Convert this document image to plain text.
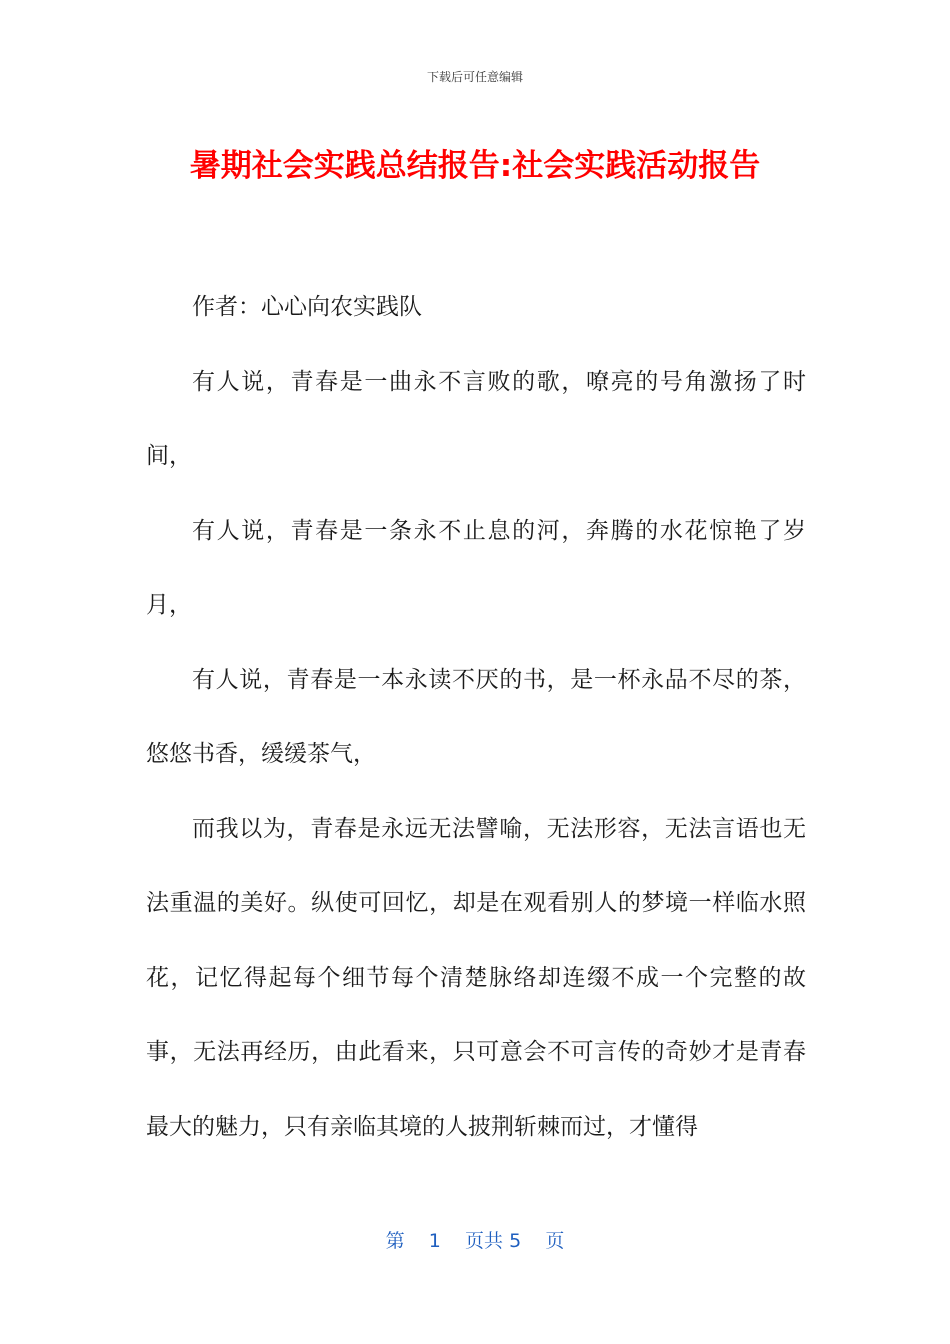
下载后可任意编辑
暑期社会实践总结报告:社会实践活动报告

作者：心心向农实践队

有人说，青春是一曲永不言败的歌，嘹亮的号角激扬了时间，

有人说，青春是一条永不止息的河，奔腾的水花惊艳了岁月，

有人说，青春是一本永读不厌的书，是一杯永品不尽的茶，悠悠书香，缓缓茶气，

而我以为，青春是永远无法譬喻，无法形容，无法言语也无法重温的美好。纵使可回忆，却是在观看别人的梦境一样临水照花，记忆得起每个细节每个清楚脉络却连缀不成一个完整的故事，无法再经历，由此看来，只可意会不可言传的奇妙才是青春最大的魅力，只有亲临其境的人披荆斩棘而过，才懂得

第 1 页共 5 页
